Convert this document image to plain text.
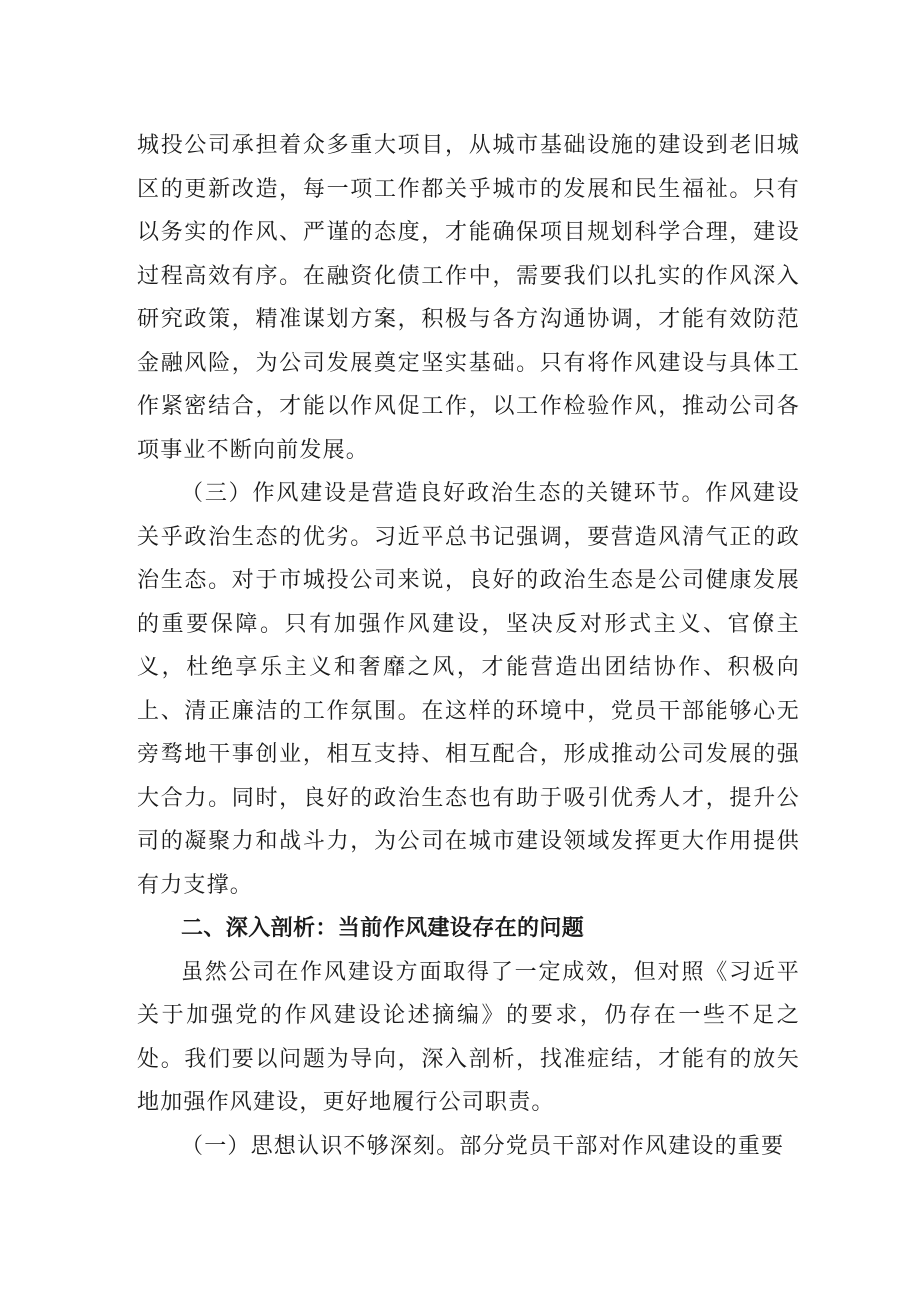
城投公司承担着众多重大项目，从城市基础设施的建设到老旧城区的更新改造，每一项工作都关乎城市的发展和民生福祉。只有以务实的作风、严谨的态度，才能确保项目规划科学合理，建设过程高效有序。在融资化债工作中，需要我们以扎实的作风深入研究政策，精准谋划方案，积极与各方沟通协调，才能有效防范金融风险，为公司发展奠定坚实基础。只有将作风建设与具体工作紧密结合，才能以作风促工作，以工作检验作风，推动公司各项事业不断向前发展。

（三）作风建设是营造良好政治生态的关键环节。作风建设关乎政治生态的优劣。习近平总书记强调，要营造风清气正的政治生态。对于市城投公司来说，良好的政治生态是公司健康发展的重要保障。只有加强作风建设，坚决反对形式主义、官僚主义，杜绝享乐主义和奢靡之风，才能营造出团结协作、积极向上、清正廉洁的工作氛围。在这样的环境中，党员干部能够心无旁骛地干事创业，相互支持、相互配合，形成推动公司发展的强大合力。同时，良好的政治生态也有助于吸引优秀人才，提升公司的凝聚力和战斗力，为公司在城市建设领域发挥更大作用提供有力支撑。

二、深入剖析：当前作风建设存在的问题

虽然公司在作风建设方面取得了一定成效，但对照《习近平关于加强党的作风建设论述摘编》的要求，仍存在一些不足之处。我们要以问题为导向，深入剖析，找准症结，才能有的放矢地加强作风建设，更好地履行公司职责。

（一）思想认识不够深刻。部分党员干部对作风建设的重要
